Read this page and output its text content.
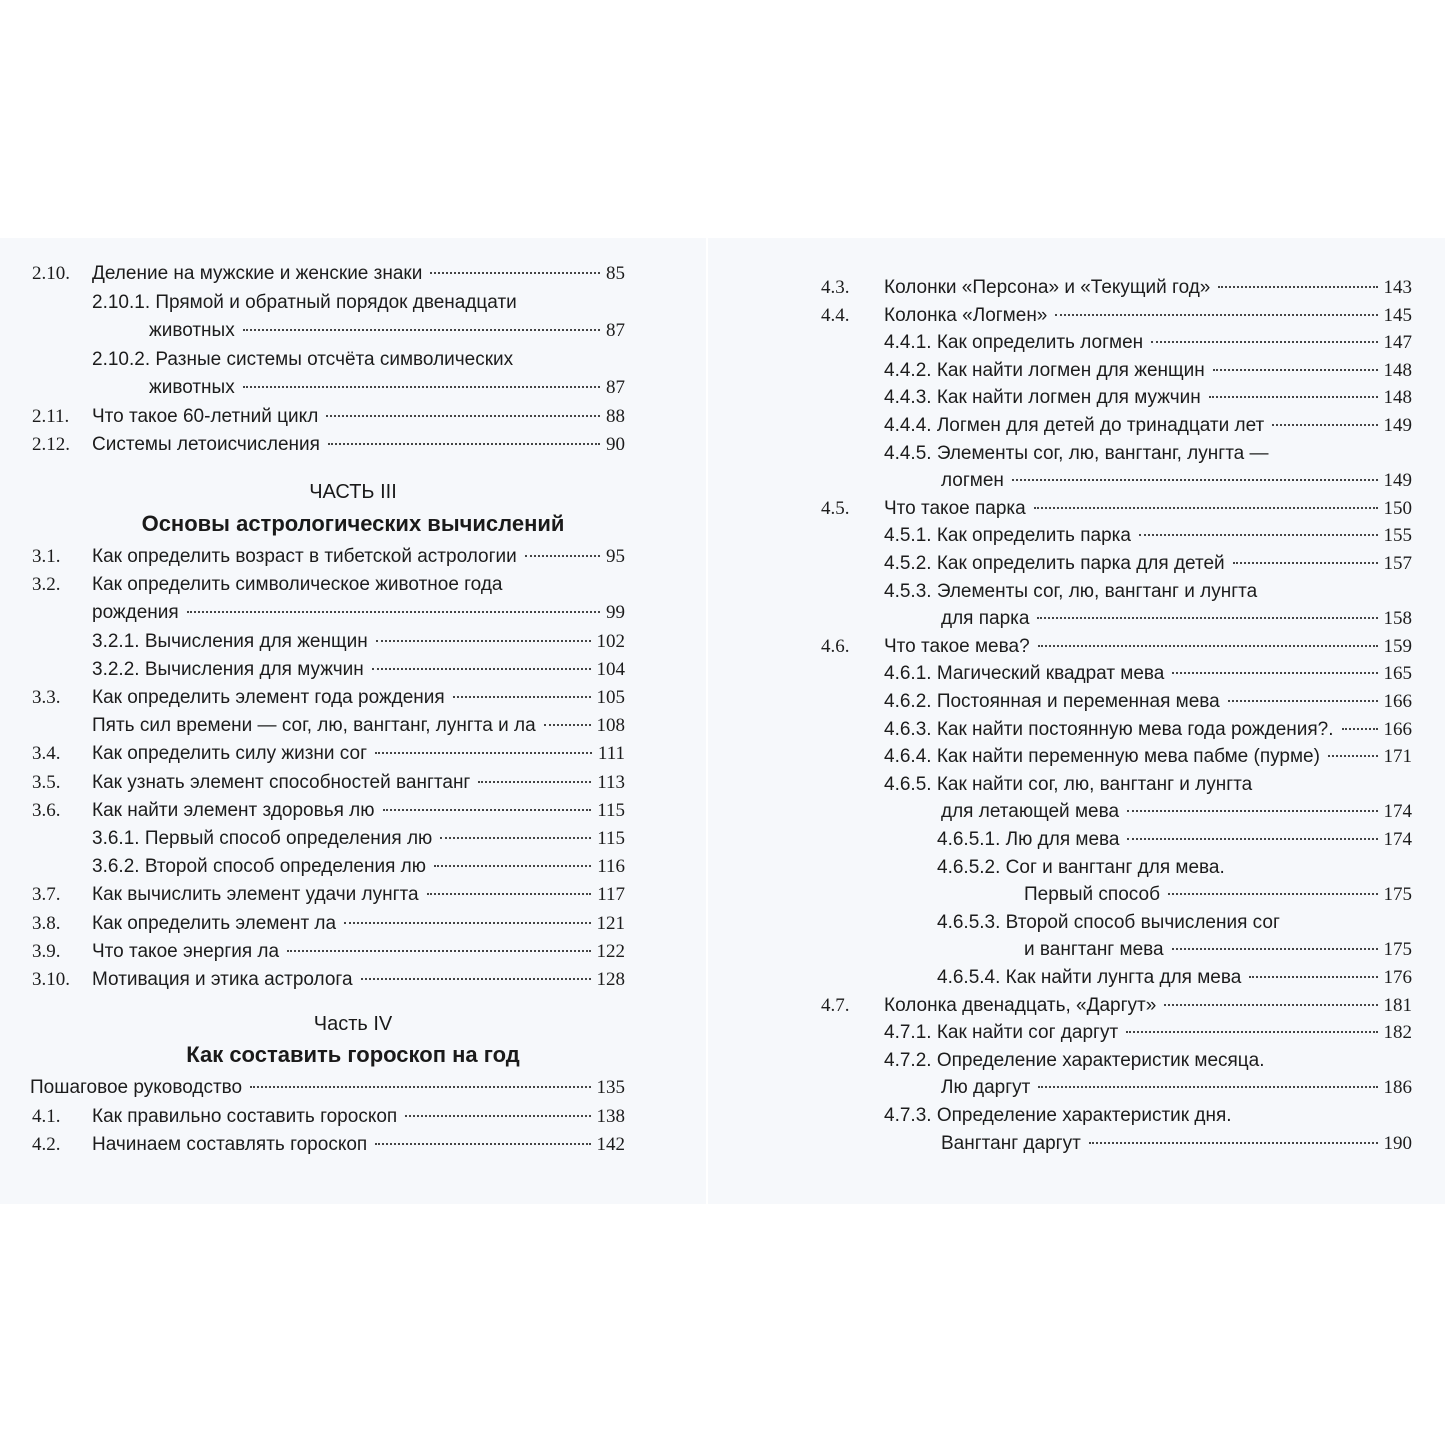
2.10. Деление на мужские и женские знаки	85
2.10.1. Прямой и обратный порядок двенадцати
животных	87
2.10.2. Разные системы отсчёта символических
животных	87
2.11. Что такое 60-летний цикл	88
2.12. Системы летоисчисления	90
ЧАСТЬ III
Основы астрологических вычислений
3.1. Как определить возраст в тибетской астрологии	95
3.2. Как определить символическое животное года
рождения	99
3.2.1. Вычисления для женщин	102
3.2.2. Вычисления для мужчин	104
3.3. Как определить элемент года рождения	105
Пять сил времени — сог, лю, вангтанг, лунгта и ла	108
3.4. Как определить силу жизни сог	111
3.5. Как узнать элемент способностей вангтанг	113
3.6. Как найти элемент здоровья лю	115
3.6.1. Первый способ определения лю	115
3.6.2. Второй способ определения лю	116
3.7. Как вычислить элемент удачи лунгта	117
3.8. Как определить элемент ла	121
3.9. Что такое энергия ла	122
3.10. Мотивация и этика астролога	128
Часть IV
Как составить гороскоп на год
Пошаговое руководство	135
4.1. Как правильно составить гороскоп	138
4.2. Начинаем составлять гороскоп	142
4.3. Колонки «Персона» и «Текущий год»	143
4.4. Колонка «Логмен»	145
4.4.1. Как определить логмен	147
4.4.2. Как найти логмен для женщин	148
4.4.3. Как найти логмен для мужчин	148
4.4.4. Логмен для детей до тринадцати лет	149
4.4.5. Элементы сог, лю, вангтанг, лунгта —
логмен	149
4.5. Что такое парка	150
4.5.1. Как определить парка	155
4.5.2. Как определить парка для детей	157
4.5.3. Элементы сог, лю, вангтанг и лунгта
для парка	158
4.6. Что такое мева?	159
4.6.1. Магический квадрат мева	165
4.6.2. Постоянная и переменная мева	166
4.6.3. Как найти постоянную мева года рождения?.	166
4.6.4. Как найти переменную мева пабме (пурме)	171
4.6.5. Как найти сог, лю, вангтанг и лунгта
для летающей мева	174
4.6.5.1. Лю для мева	174
4.6.5.2. Сог и вангтанг для мева.
Первый способ	175
4.6.5.3. Второй способ вычисления сог
и вангтанг мева	175
4.6.5.4. Как найти лунгта для мева	176
4.7. Колонка двенадцать, «Даргут»	181
4.7.1. Как найти сог даргут	182
4.7.2. Определение характеристик месяца.
Лю даргут	186
4.7.3. Определение характеристик дня.
Вангтанг даргут	190
